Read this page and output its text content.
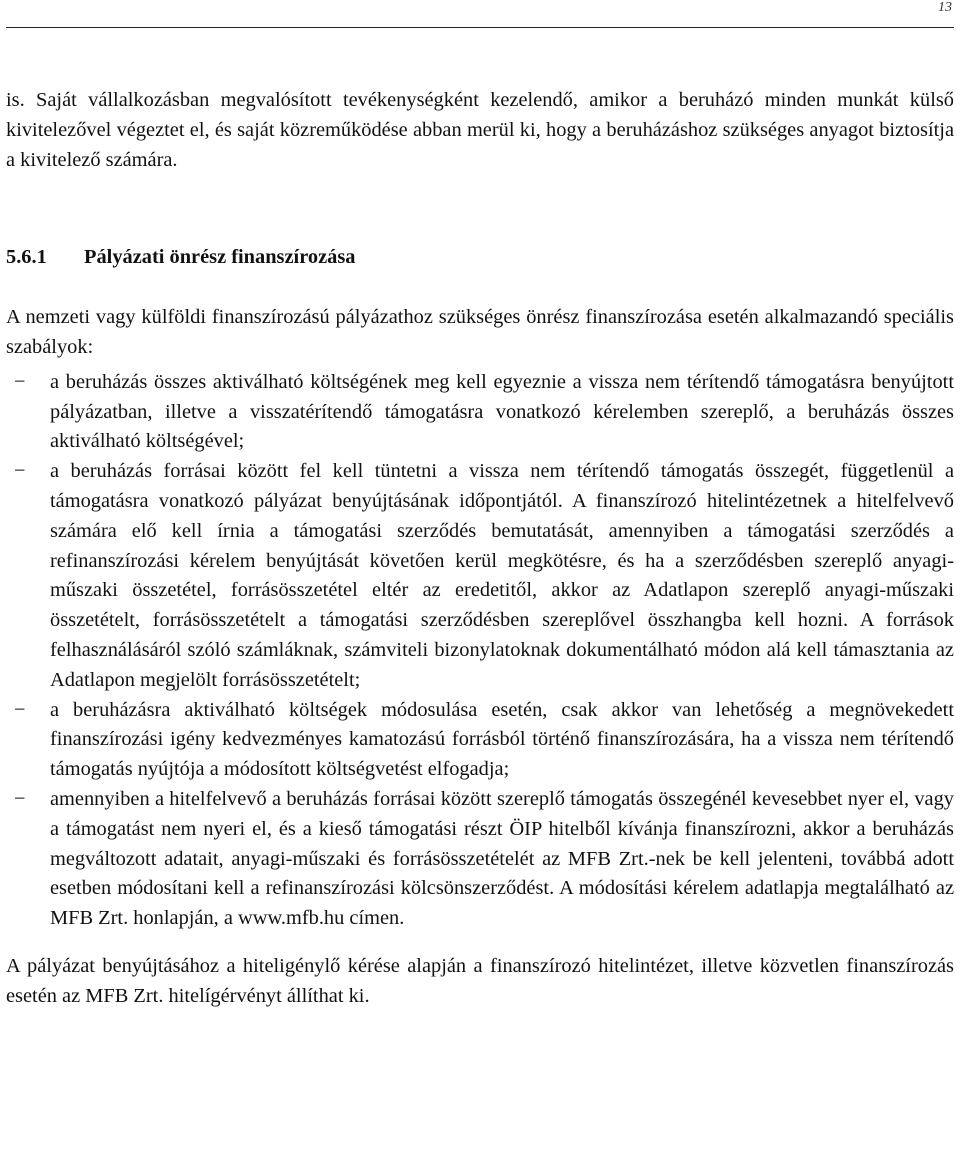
13

is. Saját vállalkozásban megvalósított tevékenységként kezelendő, amikor a beruházó minden munkát külső kivitelezővel végeztet el, és saját közreműködése abban merül ki, hogy a beruházáshoz szükséges anyagot biztosítja a kivitelező számára.

5.6.1 Pályázati önrész finanszírozása

A nemzeti vagy külföldi finanszírozású pályázathoz szükséges önrész finanszírozása esetén alkalmazandó speciális szabályok:

− a beruházás összes aktiválható költségének meg kell egyeznie a vissza nem térítendő támogatásra benyújtott pályázatban, illetve a visszatérítendő támogatásra vonatkozó kérelemben szereplő, a beruházás összes aktiválható költségével;
− a beruházás forrásai között fel kell tüntetni a vissza nem térítendő támogatás összegét, függetlenül a támogatásra vonatkozó pályázat benyújtásának időpontjától. A finanszírozó hitelintézetnek a hitelfelvevő számára elő kell írnia a támogatási szerződés bemutatását, amennyiben a támogatási szerződés a refinanszírozási kérelem benyújtását követően kerül megkötésre, és ha a szerződésben szereplő anyagi-műszaki összetétel, forrásösszetétel eltér az eredetitől, akkor az Adatlapon szereplő anyagi-műszaki összetételt, forrásösszetételt a támogatási szerződésben szereplővel összhangba kell hozni. A források felhasználásáról szóló számláknak, számviteli bizonylatoknak dokumentálható módon alá kell támasztania az Adatlapon megjelölt forrásösszetételt;
− a beruházásra aktiválható költségek módosulása esetén, csak akkor van lehetőség a megnövekedett finanszírozási igény kedvezményes kamatozású forrásból történő finanszírozására, ha a vissza nem térítendő támogatás nyújtója a módosított költségvetést elfogadja;
− amennyiben a hitelfelvevő a beruházás forrásai között szereplő támogatás összegénél kevesebbet nyer el, vagy a támogatást nem nyeri el, és a kieső támogatási részt ÖIP hitelből kívánja finanszírozni, akkor a beruházás megváltozott adatait, anyagi-műszaki és forrásösszetételét az MFB Zrt.-nek be kell jelenteni, továbbá adott esetben módosítani kell a refinanszírozási kölcsönszerződést. A módosítási kérelem adatlapja megtalálható az MFB Zrt. honlapján, a www.mfb.hu címen.

A pályázat benyújtásához a hiteligénylő kérése alapján a finanszírozó hitelintézet, illetve közvetlen finanszírozás esetén az MFB Zrt. hitelígérvényt állíthat ki.
